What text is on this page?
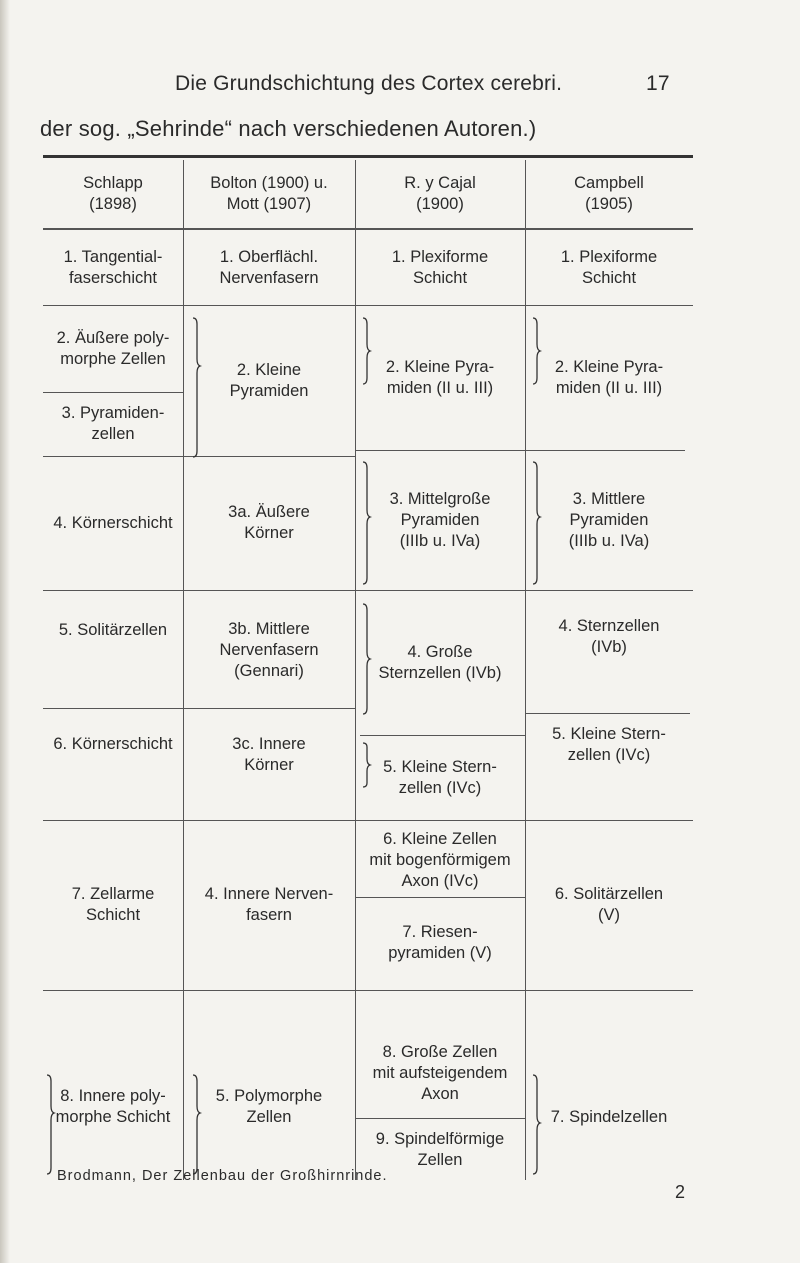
Die Grundschichtung des Cortex cerebri.	17
der sog. „Sehrinde“ nach verschiedenen Autoren.)
Schlapp
(1898)
Bolton (1900) u.
Mott (1907)
R. y Cajal
(1900)
Campbell
(1905)
1. Tangential-
faserschicht
2. Äußere poly-
morphe Zellen
3. Pyramiden-
zellen
4. Körnerschicht
5. Solitärzellen
6. Körnerschicht
7. Zellarme
Schicht
8. Innere poly-
morphe Schicht
1. Oberflächl.
Nervenfasern
2. Kleine
Pyramiden
3a. Äußere
Körner
3b. Mittlere
Nervenfasern
(Gennari)
3c. Innere
Körner
4. Innere Nerven-
fasern
5. Polymorphe
Zellen
1. Plexiforme
Schicht
2. Kleine Pyra-
miden (II u. III)
3. Mittelgroße
Pyramiden
(IIIb u. IVa)
4. Große
Sternzellen (IVb)
5. Kleine Stern-
zellen (IVc)
6. Kleine Zellen
mit bogenförmigem
Axon (IVc)
7. Riesen-
pyramiden (V)
8. Große Zellen
mit aufsteigendem
Axon
9. Spindelförmige
Zellen
1. Plexiforme
Schicht
2. Kleine Pyra-
miden (II u. III)
3. Mittlere
Pyramiden
(IIIb u. IVa)
4. Sternzellen
(IVb)
5. Kleine Stern-
zellen (IVc)
6. Solitärzellen
(V)
7. Spindelzellen
Brodmann, Der Zellenbau der Großhirnrinde.
2
